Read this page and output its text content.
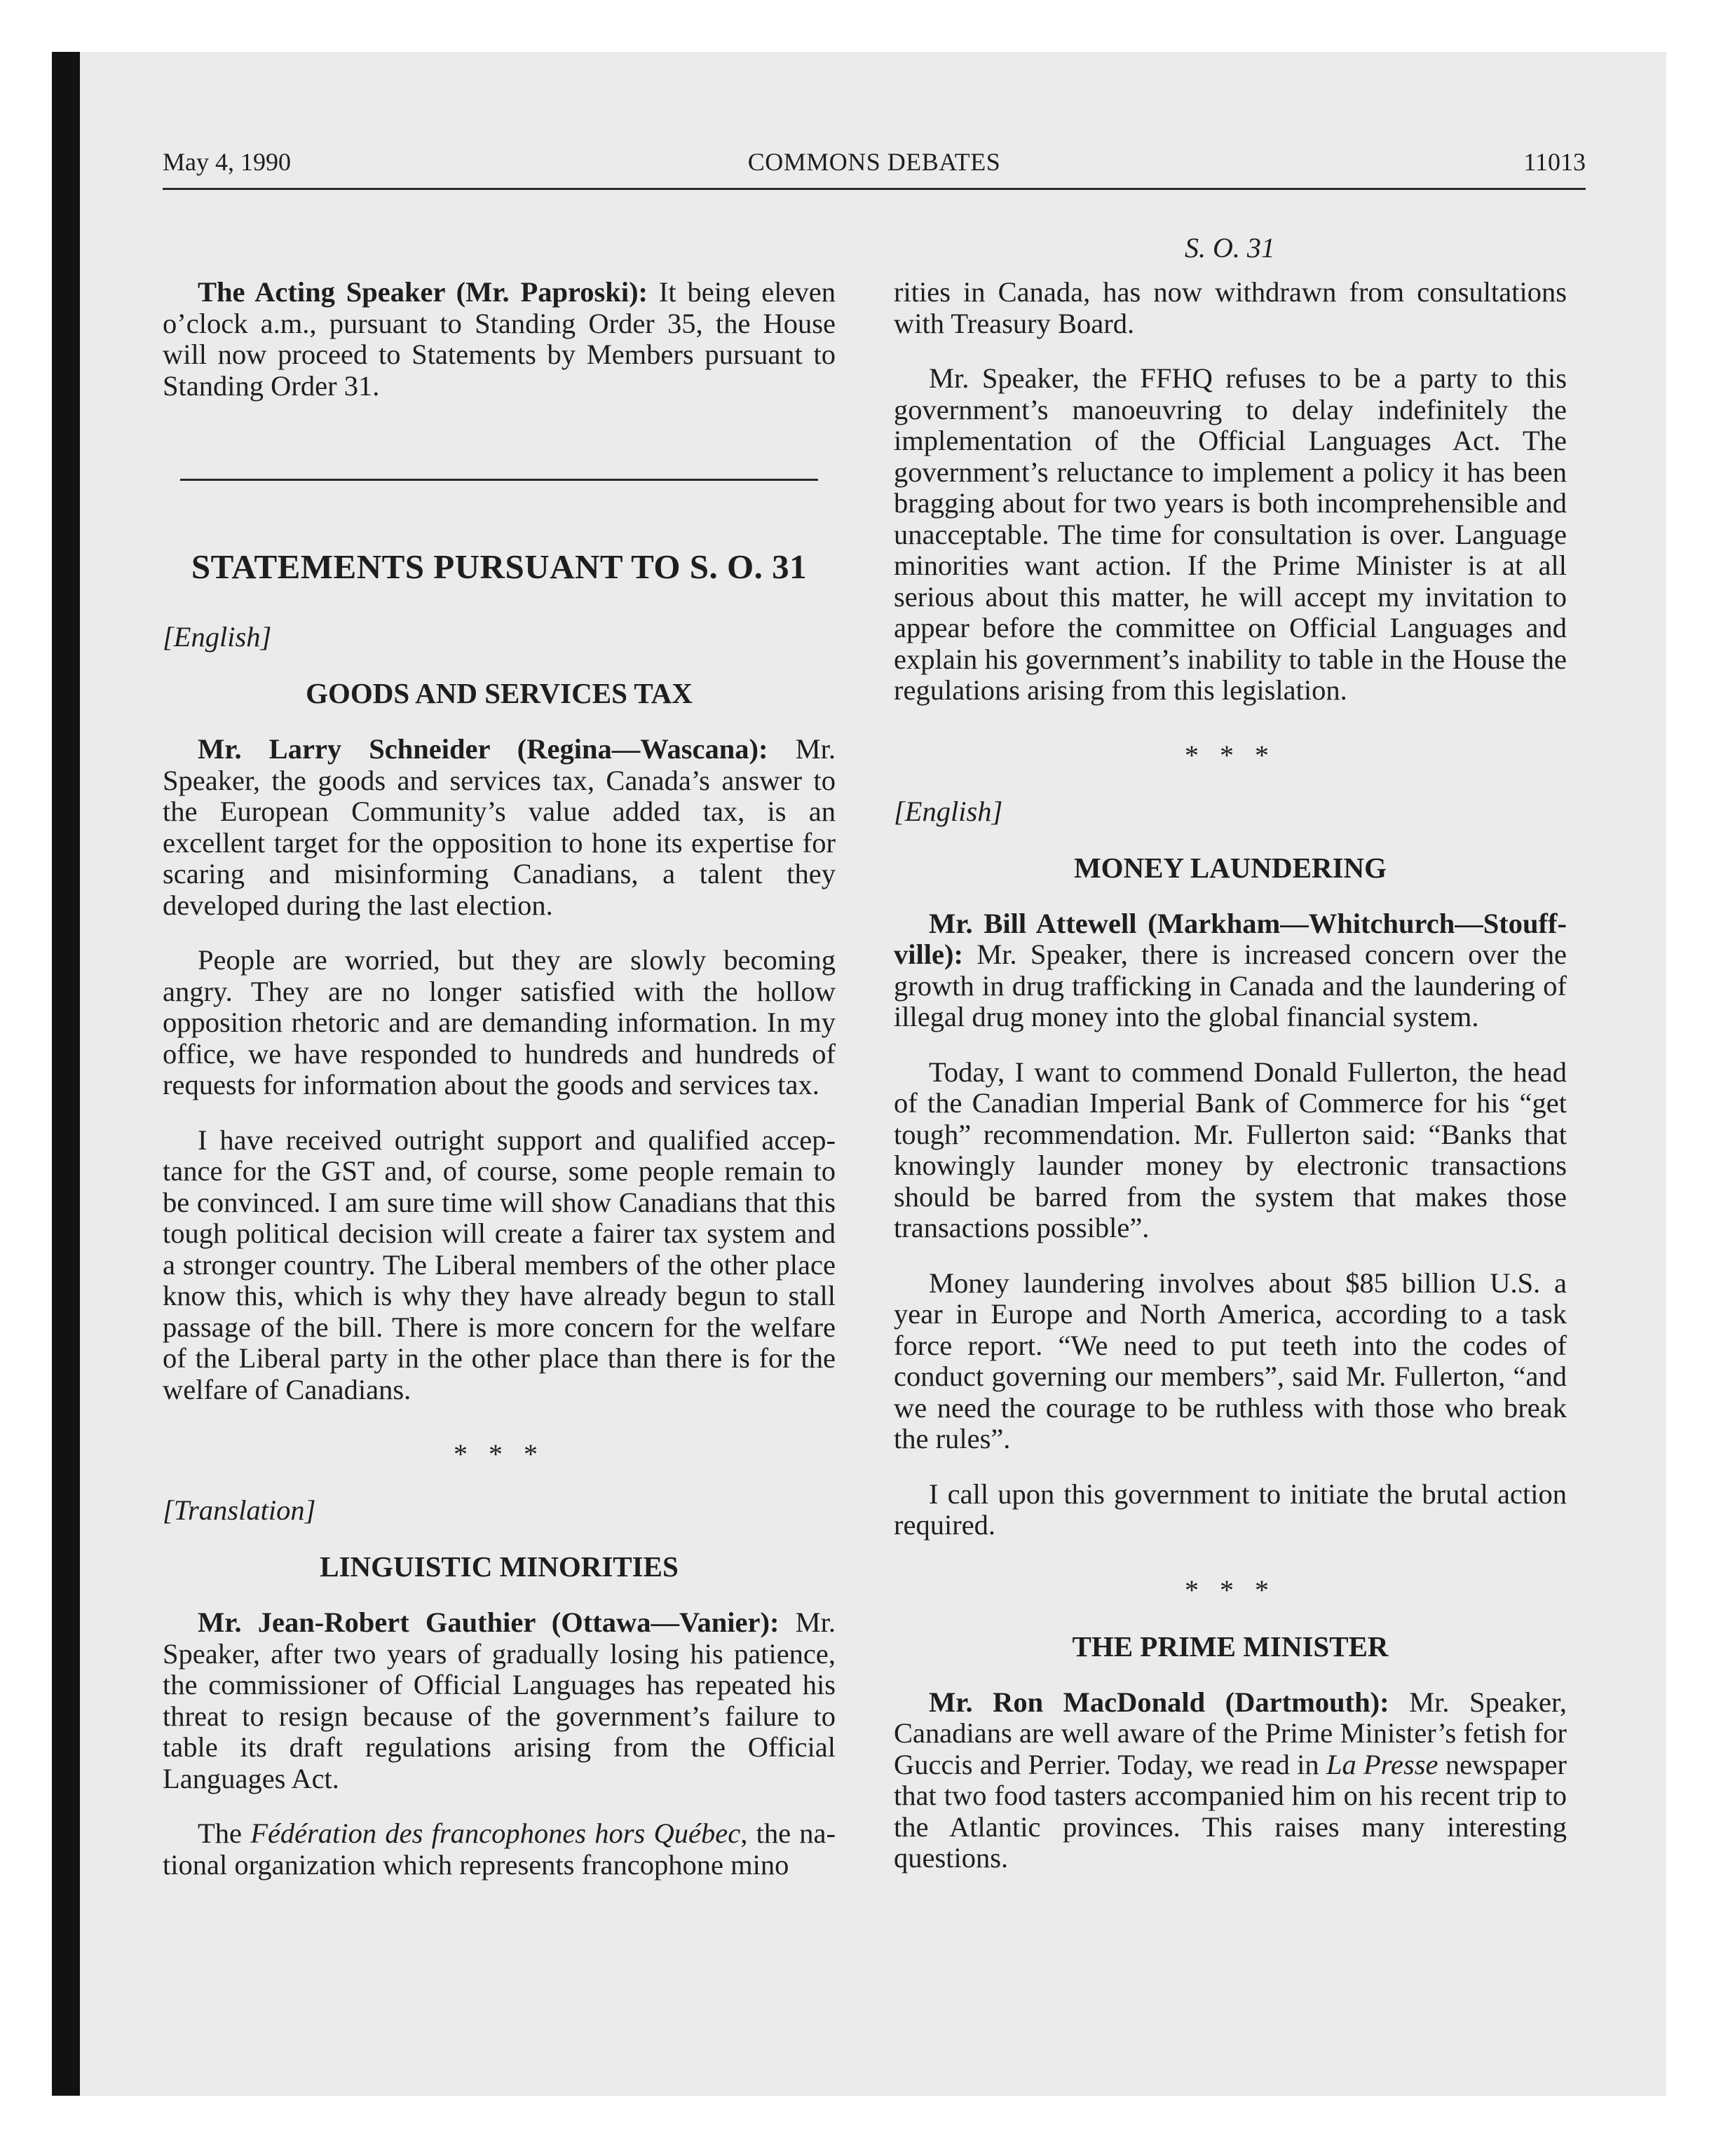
May 4, 1990	COMMONS DEBATES	11013
S. O. 31

The Acting Speaker (Mr. Paproski): It being eleven o’clock a.m., pursuant to Standing Order 35, the House will now proceed to Statements by Members pursuant to Standing Order 31.

STATEMENTS PURSUANT TO S. O. 31
[English]
GOODS AND SERVICES TAX

Mr. Larry Schneider (Regina—Wascana): Mr. Speaker, the goods and services tax, Canada’s answer to the European Community’s value added tax, is an excellent target for the opposition to hone its expertise for scaring and misinforming Canadians, a talent they developed during the last election.

People are worried, but they are slowly becoming angry. They are no longer satisfied with the hollow opposition rhetoric and are demanding information. In my office, we have responded to hundreds and hundreds of requests for information about the goods and services tax.

I have received outright support and qualified acceptance for the GST and, of course, some people remain to be convinced. I am sure time will show Canadians that this tough political decision will create a fairer tax system and a stronger country. The Liberal members of the other place know this, which is why they have already begun to stall passage of the bill. There is more concern for the welfare of the Liberal party in the other place than there is for the welfare of Canadians.

* * *
[Translation]
LINGUISTIC MINORITIES

Mr. Jean-Robert Gauthier (Ottawa—Vanier): Mr. Speaker, after two years of gradually losing his patience, the commissioner of Official Languages has repeated his threat to resign because of the government’s failure to table its draft regulations arising from the Official Languages Act.

The Fédération des francophones hors Québec, the national organization which represents francophone mino

rities in Canada, has now withdrawn from consultations with Treasury Board.

Mr. Speaker, the FFHQ refuses to be a party to this government’s manoeuvring to delay indefinitely the implementation of the Official Languages Act. The government’s reluctance to implement a policy it has been bragging about for two years is both incomprehensible and unacceptable. The time for consultation is over. Language minorities want action. If the Prime Minister is at all serious about this matter, he will accept my invitation to appear before the committee on Official Languages and explain his government’s inability to table in the House the regulations arising from this legislation.

* * *
[English]
MONEY LAUNDERING

Mr. Bill Attewell (Markham—Whitchurch—Stouffville): Mr. Speaker, there is increased concern over the growth in drug trafficking in Canada and the laundering of illegal drug money into the global financial system.

Today, I want to commend Donald Fullerton, the head of the Canadian Imperial Bank of Commerce for his “get tough” recommendation. Mr. Fullerton said: “Banks that knowingly launder money by electronic transactions should be barred from the system that makes those transactions possible”.

Money laundering involves about $85 billion U.S. a year in Europe and North America, according to a task force report. “We need to put teeth into the codes of conduct governing our members”, said Mr. Fullerton, “and we need the courage to be ruthless with those who break the rules”.

I call upon this government to initiate the brutal action required.

* * *
THE PRIME MINISTER

Mr. Ron MacDonald (Dartmouth): Mr. Speaker, Canadians are well aware of the Prime Minister’s fetish for Guccis and Perrier. Today, we read in La Presse newspaper that two food tasters accompanied him on his recent trip to the Atlantic provinces. This raises many interesting questions.
